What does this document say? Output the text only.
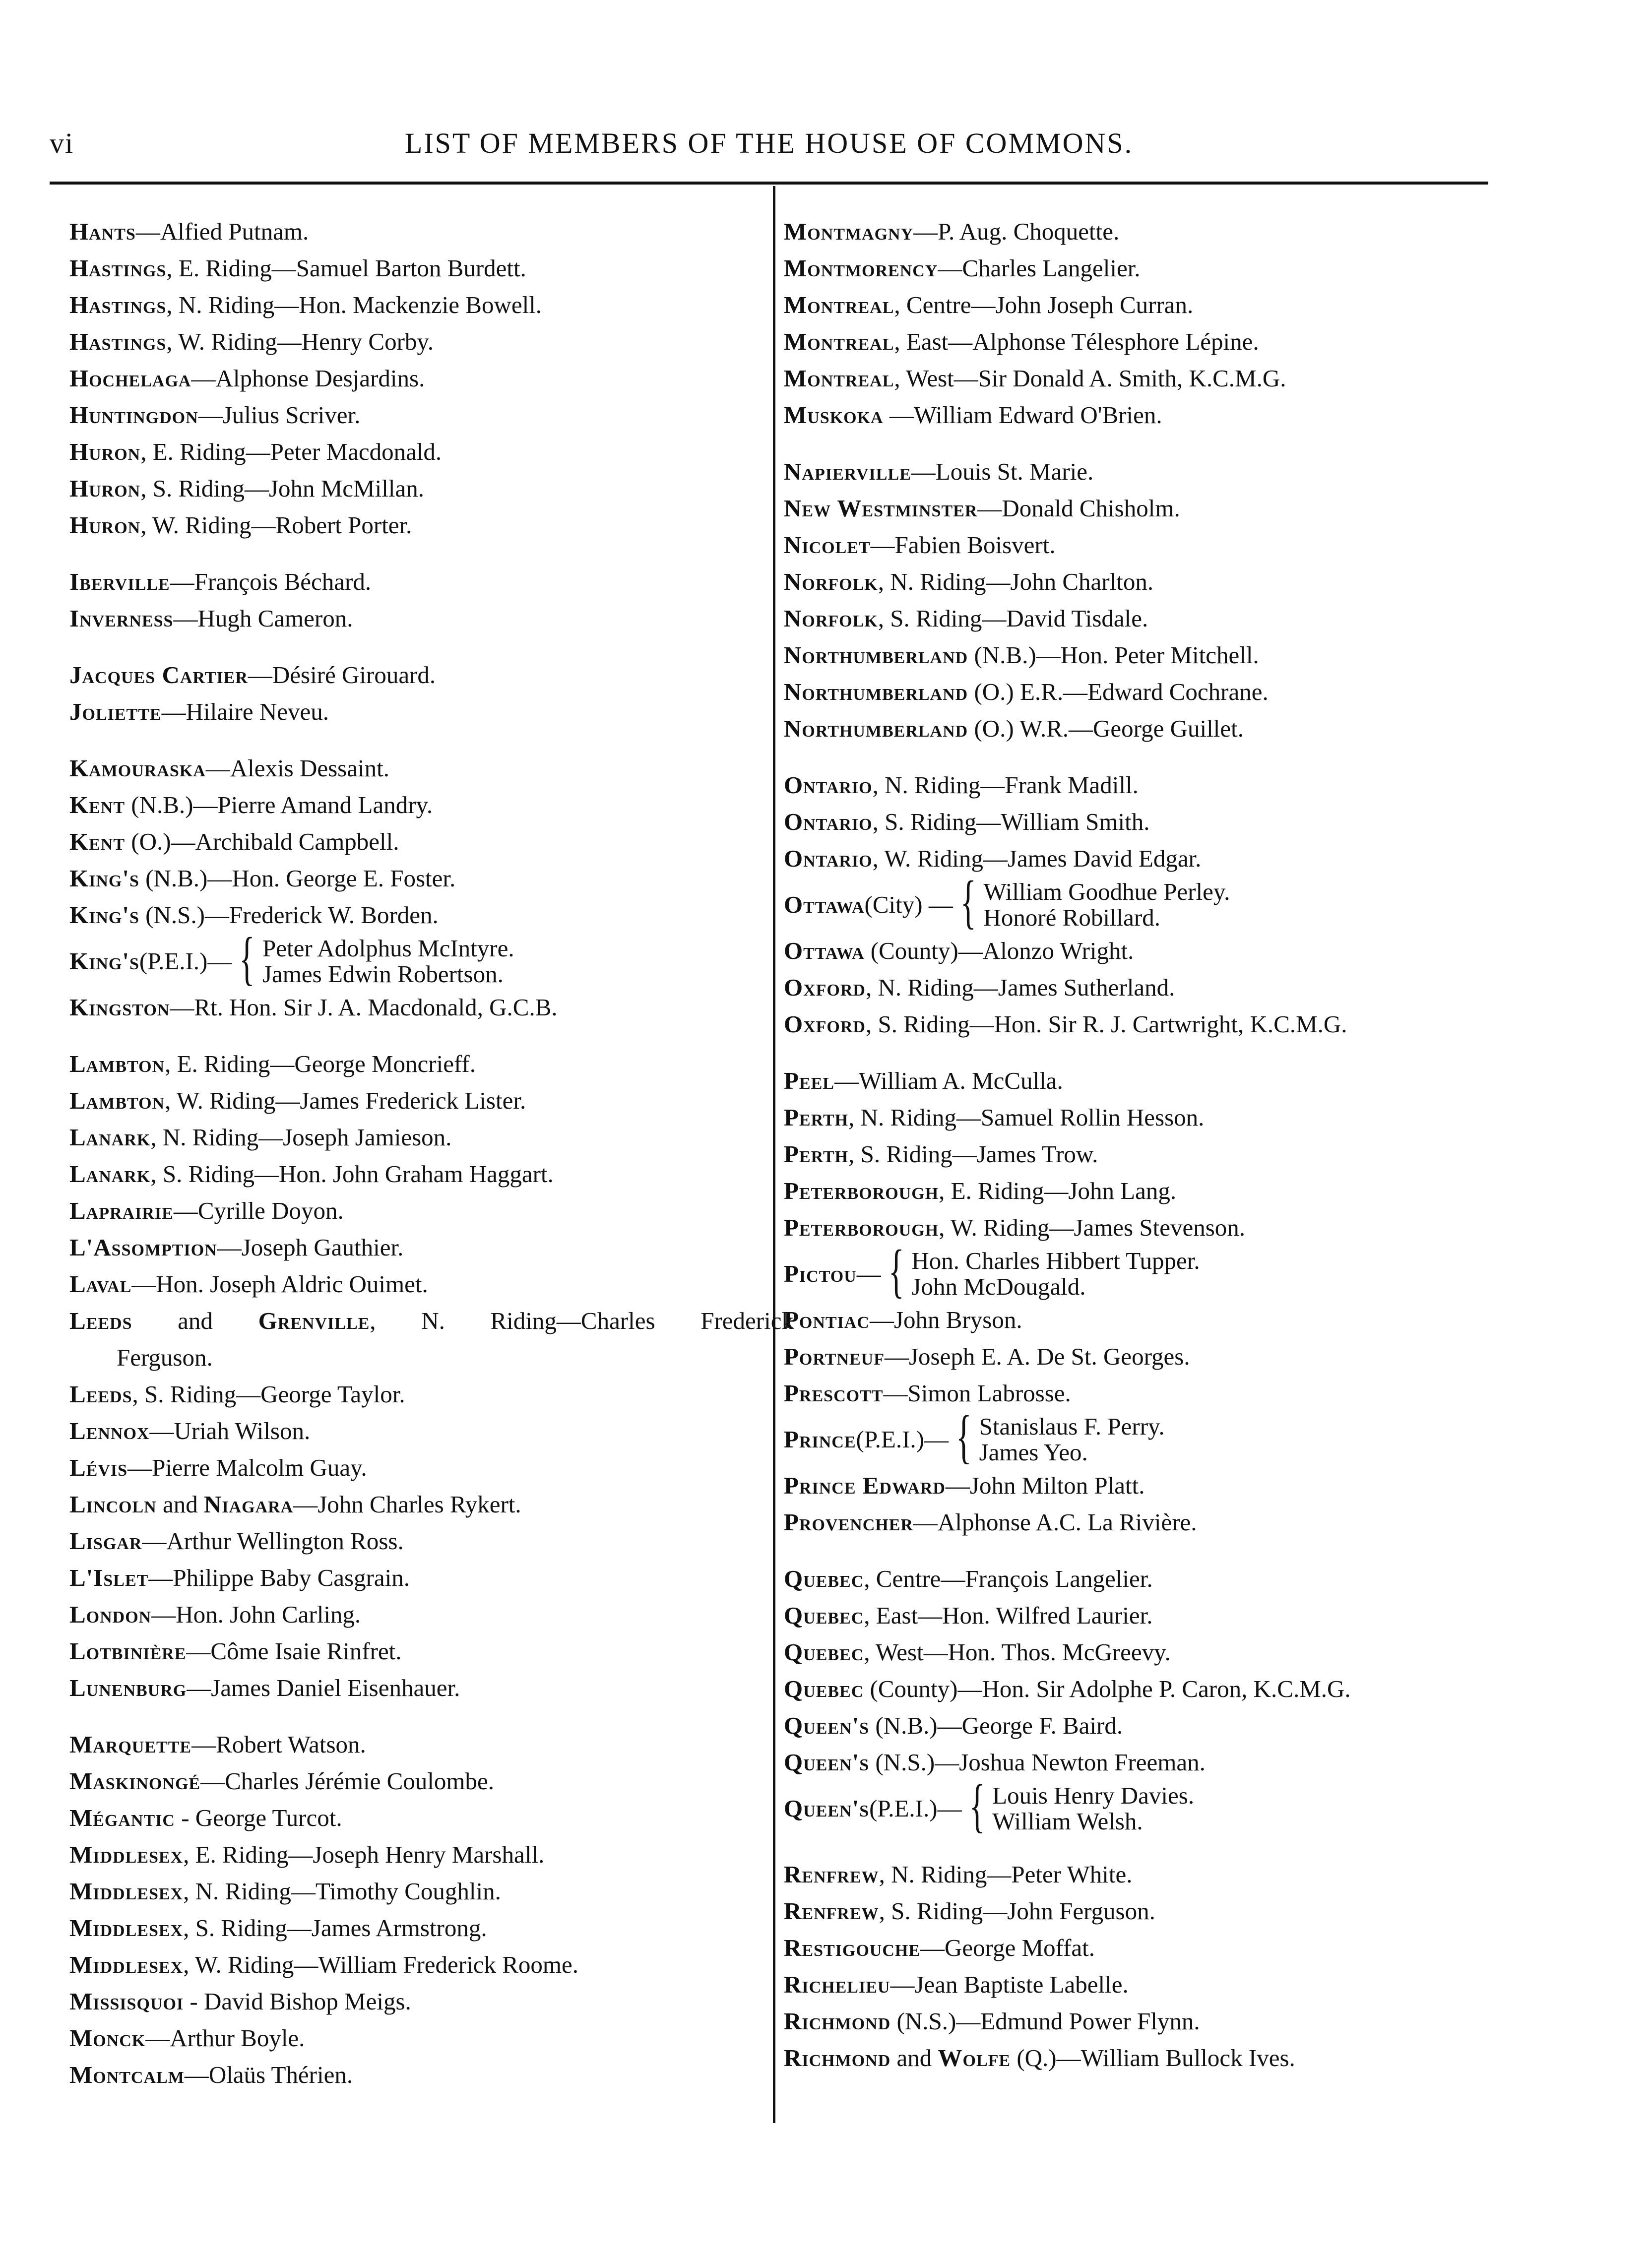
vi	LIST OF MEMBERS OF THE HOUSE OF COMMONS.
Hants—Alfied Putnam.
Hastings, E. Riding—Samuel Barton Burdett.
Hastings, N. Riding—Hon. Mackenzie Bowell.
Hastings, W. Riding—Henry Corby.
Hochelaga—Alphonse Desjardins.
Huntingdon—Julius Scriver.
Huron, E. Riding—Peter Macdonald.
Huron, S. Riding—John McMillan.
Huron, W. Riding—Robert Porter.
Iberville—François Béchard.
Inverness—Hugh Cameron.
Jacques Cartier—Désiré Girouard.
Joliette—Hilaire Neveu.
Kamouraska—Alexis Dessaint.
Kent (N.B.)—Pierre Amand Landry.
Kent (O.)—Archibald Campbell.
King's (N.B.)—Hon. George E. Foster.
King's (N.S.)—Frederick W. Borden.
King's (P.E.I.)— { Peter Adolphus McIntyre.
James Edwin Robertson.
Kingston—Rt. Hon. Sir J. A. Macdonald, G.C.B.
Lambton, E. Riding—George Moncrieff.
Lambton, W. Riding—James Frederick Lister.
Lanark, N. Riding—Joseph Jamieson.
Lanark, S. Riding—Hon. John Graham Haggart.
Laprairie—Cyrille Doyon.
L'Assomption—Joseph Gauthier.
Laval—Hon. Joseph Aldric Ouimet.
Leeds and Grenville, N. Riding—Charles Frederick
Ferguson.
Leeds, S. Riding—George Taylor.
Lennox—Uriah Wilson.
Lévis—Pierre Malcolm Guay.
Lincoln and Niagara—John Charles Rykert.
Lisgar—Arthur Wellington Ross.
L'Islet—Philippe Baby Casgrain.
London—Hon. John Carling.
Lotbinière—Côme Isaie Rinfret.
Lunenburg—James Daniel Eisenhauer.
Marquette—Robert Watson.
Maskinongé—Charles Jérémie Coulombe.
Mégantic - George Turcot.
Middlesex, E. Riding—Joseph Henry Marshall.
Middlesex, N. Riding—Timothy Coughlin.
Middlesex, S. Riding—James Armstrong.
Middlesex, W. Riding—William Frederick Roome.
Missisquoi - David Bishop Meigs.
Monck—Arthur Boyle.
Montcalm—Olaüs Thérien.
Montmagny—P. Aug. Choquette.
Montmorency—Charles Langelier.
Montreal, Centre—John Joseph Curran.
Montreal, East—Alphonse Télesphore Lépine.
Montreal, West—Sir Donald A. Smith, K.C.M.G.
Muskoka —William Edward O'Brien.
Napierville—Louis St. Marie.
New Westminster—Donald Chisholm.
Nicolet—Fabien Boisvert.
Norfolk, N. Riding—John Charlton.
Norfolk, S. Riding—David Tisdale.
Northumberland (N.B.)—Hon. Peter Mitchell.
Northumberland (O.) E.R.—Edward Cochrane.
Northumberland (O.) W.R.—George Guillet.
Ontario, N. Riding—Frank Madill.
Ontario, S. Riding—William Smith.
Ontario, W. Riding—James David Edgar.
Ottawa (City) — { William Goodhue Perley.
Honoré Robillard.
Ottawa (County)—Alonzo Wright.
Oxford, N. Riding—James Sutherland.
Oxford, S. Riding—Hon. Sir R. J. Cartwright, K.C.M.G.
Peel—William A. McCulla.
Perth, N. Riding—Samuel Rollin Hesson.
Perth, S. Riding—James Trow.
Peterborough, E. Riding—John Lang.
Peterborough, W. Riding—James Stevenson.
Pictou — { Hon. Charles Hibbert Tupper.
John McDougald.
Pontiac—John Bryson.
Portneuf—Joseph E. A. De St. Georges.
Prescott—Simon Labrosse.
Prince (P.E.I.)— { Stanislaus F. Perry.
James Yeo.
Prince Edward—John Milton Platt.
Provencher—Alphonse A.C. La Rivière.
Quebec, Centre—François Langelier.
Quebec, East—Hon. Wilfred Laurier.
Quebec, West—Hon. Thos. McGreevy.
Quebec (County)—Hon. Sir Adolphe P. Caron, K.C.M.G.
Queen's (N.B.)—George F. Baird.
Queen's (N.S.)—Joshua Newton Freeman.
Queen's (P.E.I.)— { Louis Henry Davies.
William Welsh.
Renfrew, N. Riding—Peter White.
Renfrew, S. Riding—John Ferguson.
Restigouche—George Moffat.
Richelieu—Jean Baptiste Labelle.
Richmond (N.S.)—Edmund Power Flynn.
Richmond and Wolfe (Q.)—William Bullock Ives.
